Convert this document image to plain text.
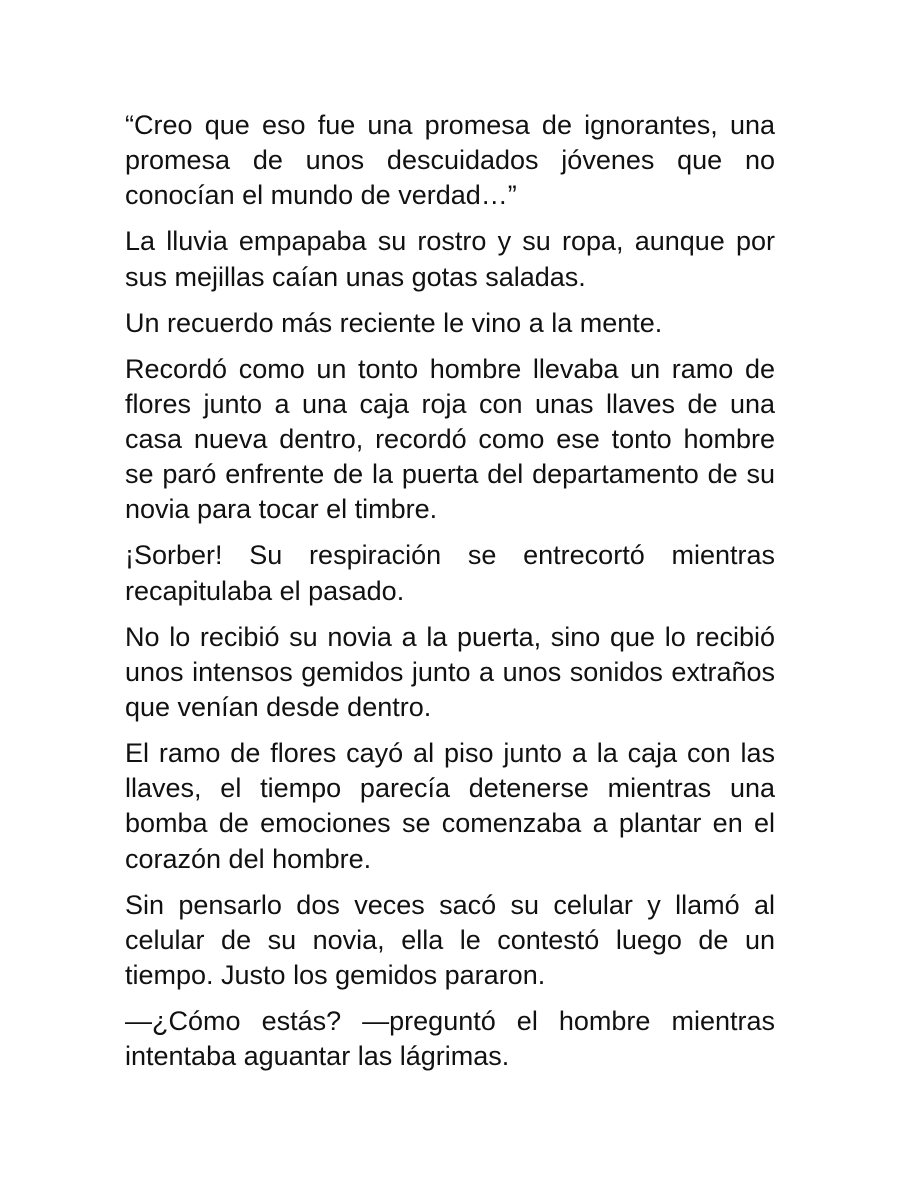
“Creo que eso fue una promesa de ignorantes, una promesa de unos descuidados jóvenes que no conocían el mundo de verdad…”

La lluvia empapaba su rostro y su ropa, aunque por sus mejillas caían unas gotas saladas.

Un recuerdo más reciente le vino a la mente.

Recordó como un tonto hombre llevaba un ramo de flores junto a una caja roja con unas llaves de una casa nueva dentro, recordó como ese tonto hombre se paró enfrente de la puerta del departamento de su novia para tocar el timbre.

¡Sorber! Su respiración se entrecortó mientras recapitulaba el pasado.

No lo recibió su novia a la puerta, sino que lo recibió unos intensos gemidos junto a unos sonidos extraños que venían desde dentro.

El ramo de flores cayó al piso junto a la caja con las llaves, el tiempo parecía detenerse mientras una bomba de emociones se comenzaba a plantar en el corazón del hombre.

Sin pensarlo dos veces sacó su celular y llamó al celular de su novia, ella le contestó luego de un tiempo. Justo los gemidos pararon.

—¿Cómo estás? —preguntó el hombre mientras intentaba aguantar las lágrimas.
